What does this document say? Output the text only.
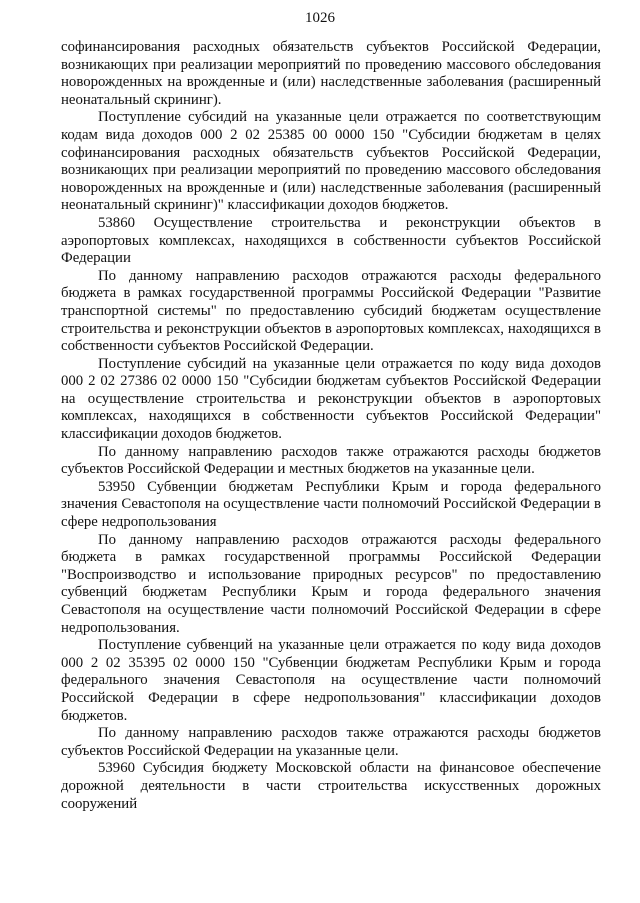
1026

софинансирования расходных обязательств субъектов Российской Федерации, возникающих при реализации мероприятий по проведению массового обследования новорожденных на врожденные и (или) наследственные заболевания (расширенный неонатальный скрининг).

Поступление субсидий на указанные цели отражается по соответствующим кодам вида доходов 000 2 02 25385 00 0000 150 "Субсидии бюджетам в целях софинансирования расходных обязательств субъектов Российской Федерации, возникающих при реализации мероприятий по проведению массового обследования новорожденных на врожденные и (или) наследственные заболевания (расширенный неонатальный скрининг)" классификации доходов бюджетов.

53860 Осуществление строительства и реконструкции объектов в аэропортовых комплексах, находящихся в собственности субъектов Российской Федерации

По данному направлению расходов отражаются расходы федерального бюджета в рамках государственной программы Российской Федерации "Развитие транспортной системы" по предоставлению субсидий бюджетам осуществление строительства и реконструкции объектов в аэропортовых комплексах, находящихся в собственности субъектов Российской Федерации.

Поступление субсидий на указанные цели отражается по коду вида доходов 000 2 02 27386 02 0000 150 "Субсидии бюджетам субъектов Российской Федерации на осуществление строительства и реконструкции объектов в аэропортовых комплексах, находящихся в собственности субъектов Российской Федерации" классификации доходов бюджетов.

По данному направлению расходов также отражаются расходы бюджетов субъектов Российской Федерации и местных бюджетов на указанные цели.

53950 Субвенции бюджетам Республики Крым и города федерального значения Севастополя на осуществление части полномочий Российской Федерации в сфере недропользования

По данному направлению расходов отражаются расходы федерального бюджета в рамках государственной программы Российской Федерации "Воспроизводство и использование природных ресурсов" по предоставлению субвенций бюджетам Республики Крым и города федерального значения Севастополя на осуществление части полномочий Российской Федерации в сфере недропользования.

Поступление субвенций на указанные цели отражается по коду вида доходов 000 2 02 35395 02 0000 150 "Субвенции бюджетам Республики Крым и города федерального значения Севастополя на осуществление части полномочий Российской Федерации в сфере недропользования" классификации доходов бюджетов.

По данному направлению расходов также отражаются расходы бюджетов субъектов Российской Федерации на указанные цели.

53960 Субсидия бюджету Московской области на финансовое обеспечение дорожной деятельности в части строительства искусственных дорожных сооружений
